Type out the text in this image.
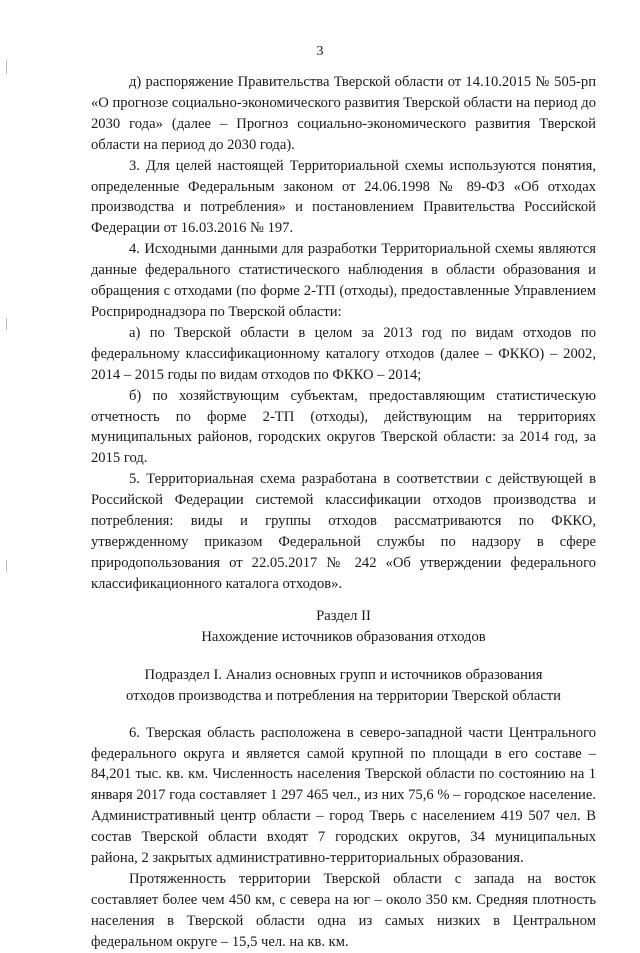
3

д) распоряжение Правительства Тверской области от 14.10.2015 № 505-рп «О прогнозе социально-экономического развития Тверской области на период до 2030 года» (далее – Прогноз социально-экономического развития Тверской области на период до 2030 года).

3. Для целей настоящей Территориальной схемы используются понятия, определенные Федеральным законом от 24.06.1998 № 89-ФЗ «Об отходах производства и потребления» и постановлением Правительства Российской Федерации от 16.03.2016 № 197.

4. Исходными данными для разработки Территориальной схемы являются данные федерального статистического наблюдения в области образования и обращения с отходами (по форме 2-ТП (отходы), предоставленные Управлением Росприроднадзора по Тверской области:

а) по Тверской области в целом за 2013 год по видам отходов по федеральному классификационному каталогу отходов (далее – ФККО) – 2002, 2014 – 2015 годы по видам отходов по ФККО – 2014;

б) по хозяйствующим субъектам, предоставляющим статистическую отчетность по форме 2-ТП (отходы), действующим на территориях муниципальных районов, городских округов Тверской области: за 2014 год, за 2015 год.

5. Территориальная схема разработана в соответствии с действующей в Российской Федерации системой классификации отходов производства и потребления: виды и группы отходов рассматриваются по ФККО, утвержденному приказом Федеральной службы по надзору в сфере природопользования от 22.05.2017 № 242 «Об утверждении федерального классификационного каталога отходов».

Раздел II

Нахождение источников образования отходов

Подраздел I. Анализ основных групп и источников образования

отходов производства и потребления на территории Тверской области

6. Тверская область расположена в северо-западной части Центрального федерального округа и является самой крупной по площади в его составе – 84,201 тыс. кв. км. Численность населения Тверской области по состоянию на 1 января 2017 года составляет 1 297 465 чел., из них 75,6 % – городское население. Административный центр области – город Тверь с населением 419 507 чел. В состав Тверской области входят 7 городских округов, 34 муниципальных района, 2 закрытых административно-территориальных образования.

Протяженность территории Тверской области с запада на восток составляет более чем 450 км, с севера на юг – около 350 км. Средняя плотность населения в Тверской области одна из самых низких в Центральном федеральном округе – 15,5 чел. на кв. км.
